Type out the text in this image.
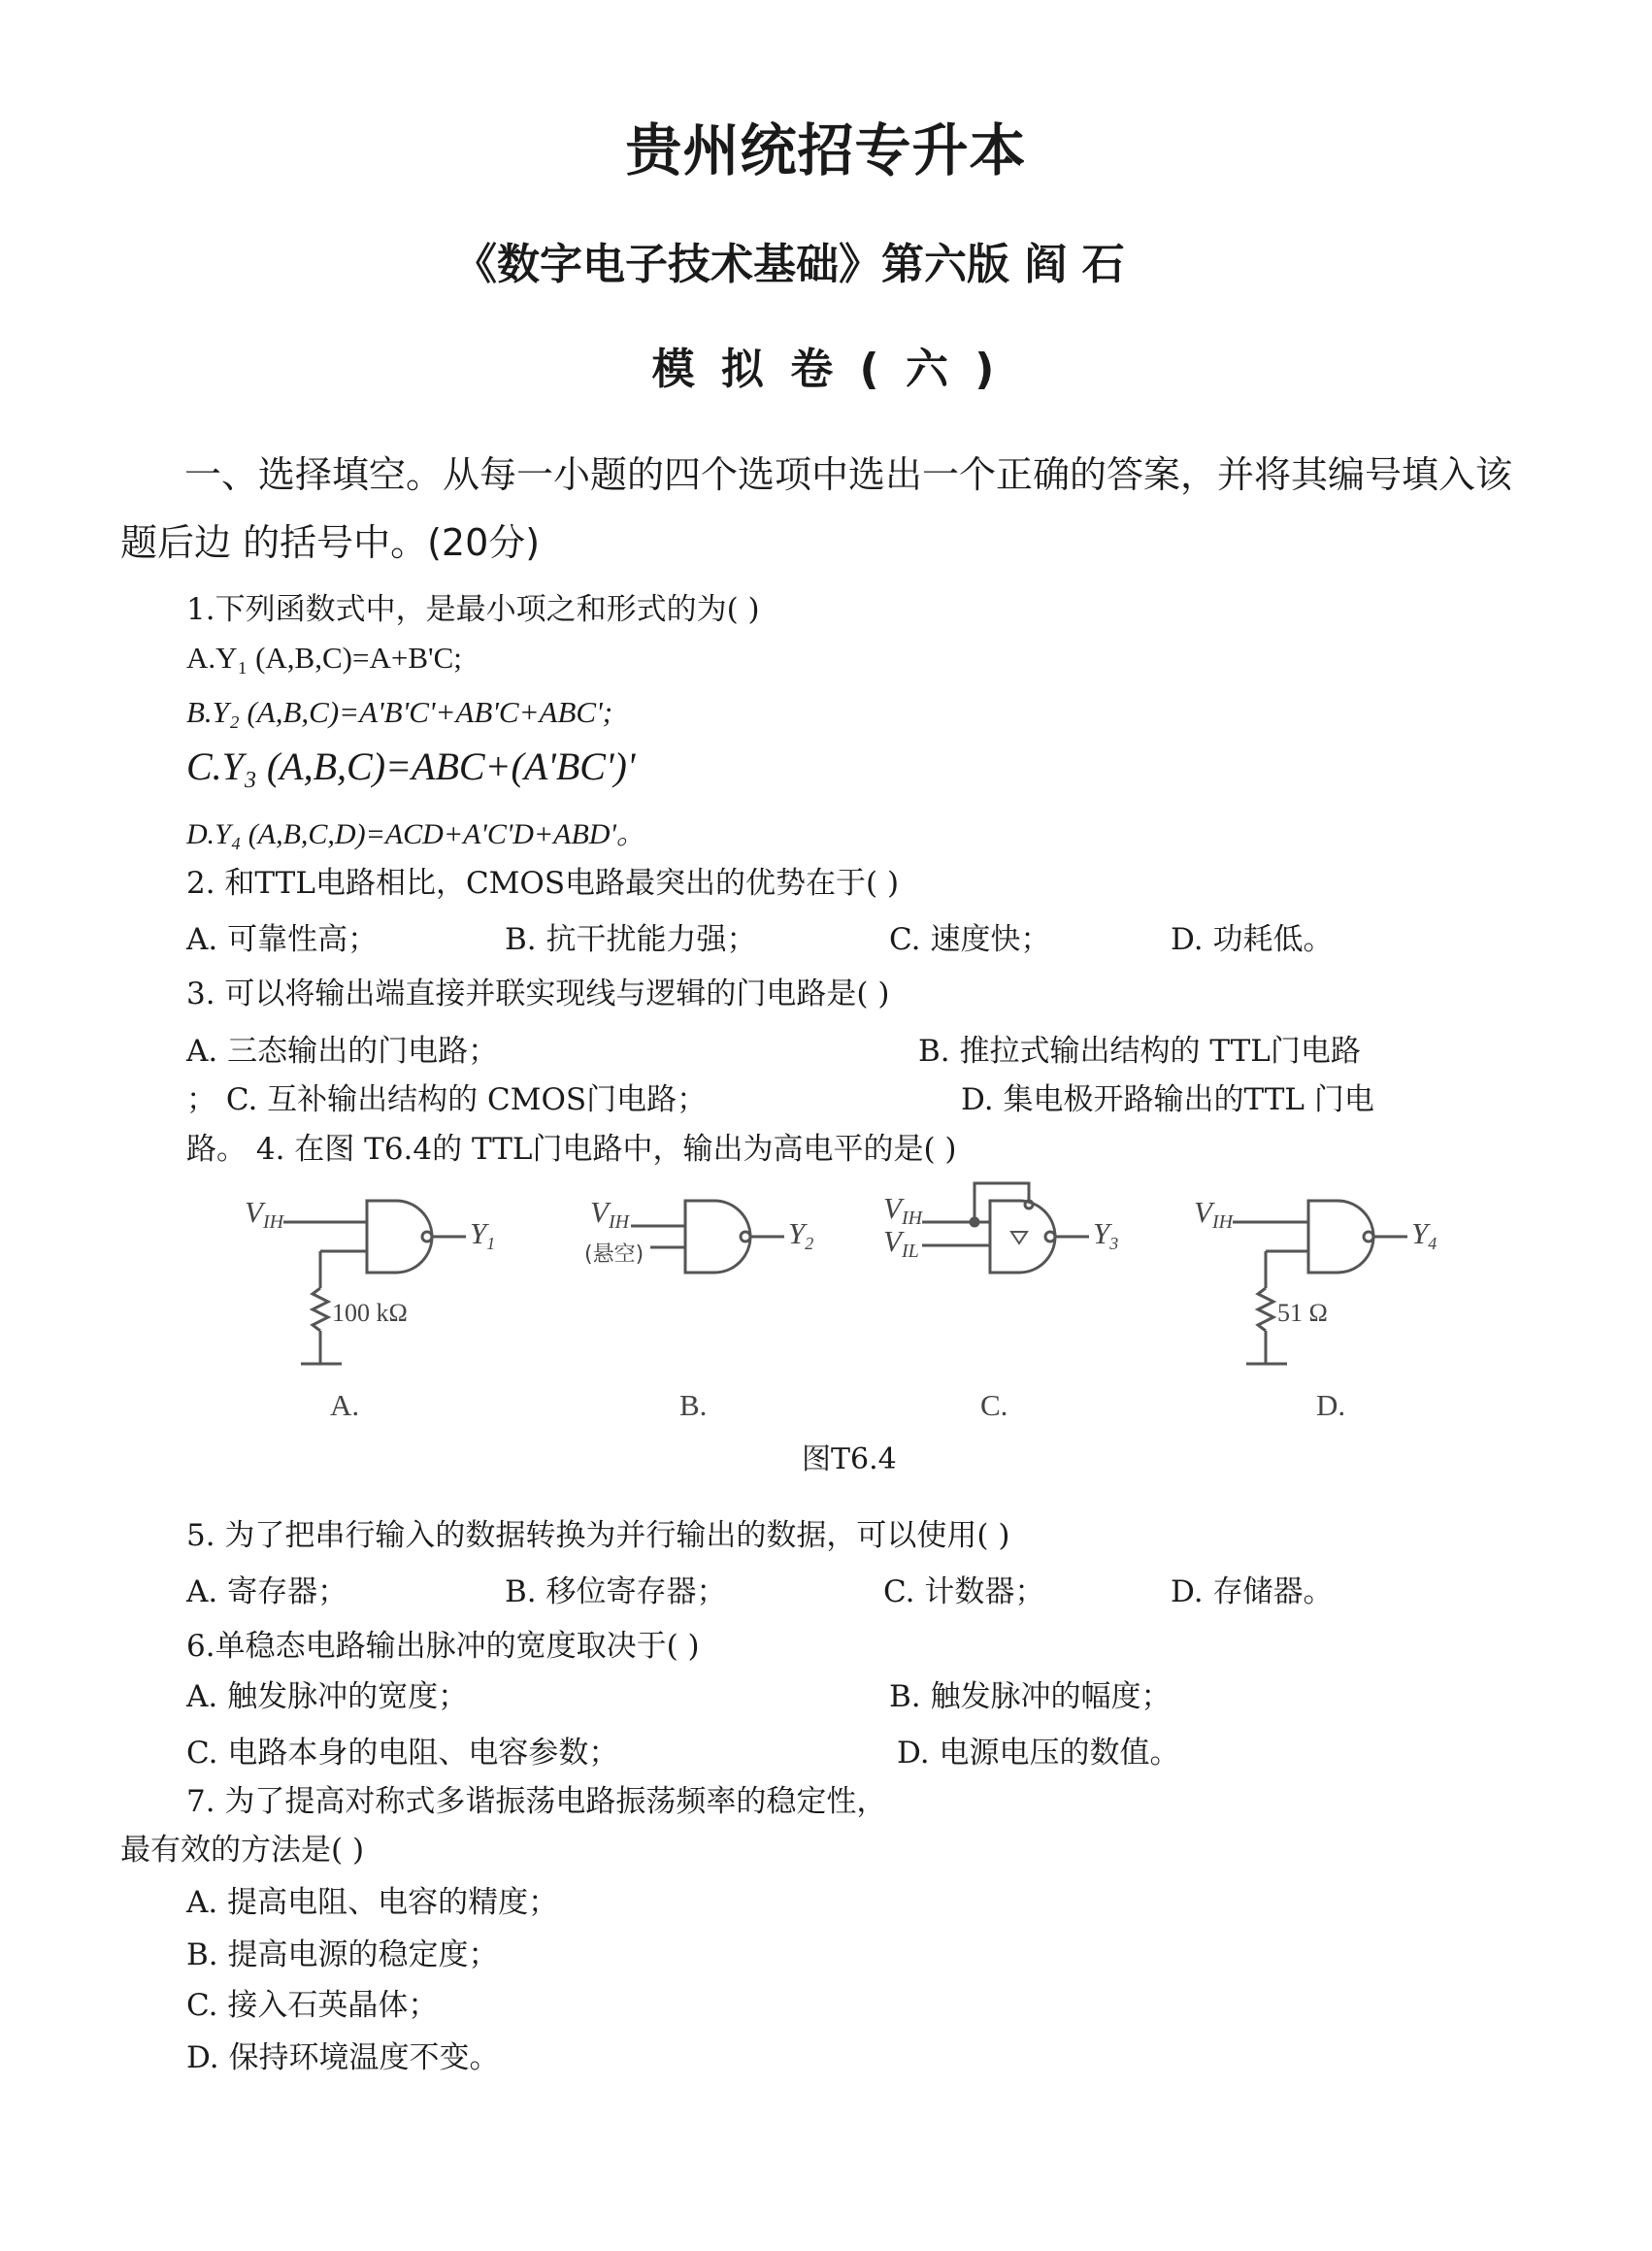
贵州统招专升本
《数字电子技术基础》第六版 阎 石
模 拟 卷 ( 六 )
一、选择填空。从每一小题的四个选项中选出一个正确的答案，并将其编号填入该
题后边 的括号中。(20分)
1.下列函数式中，是最小项之和形式的为( )
A.Y₁ (A,B,C)=A+B'C;
B.Y₂ (A,B,C)=A'B'C'+AB'C+ABC';
C.Y₃ (A,B,C)=ABC+(A'BC')'
D.Y₄ (A,B,C,D)=ACD+A'C'D+ABD'。
2. 和TTL电路相比，CMOS电路最突出的优势在于( )
A. 可靠性高；	B. 抗干扰能力强；	C. 速度快；	D. 功耗低。
3. 可以将输出端直接并联实现线与逻辑的门电路是( )
A. 三态输出的门电路；	B. 推拉式输出结构的 TTL门电路
； C. 互补输出结构的 CMOS门电路；	D. 集电极开路输出的TTL 门电
路。 4. 在图 T6.4的 TTL门电路中，输出为高电平的是( )
VIH	Y1
100 kΩ
A.
VIH
(悬空)
Y2
B.
VIH
VIL
Y3
C.
VIH	Y4
51 Ω
D.
图T6.4
5. 为了把串行输入的数据转换为并行输出的数据，可以使用( )
A. 寄存器；	B. 移位寄存器；	C. 计数器；	D. 存储器。
6.单稳态电路输出脉冲的宽度取决于( )
A. 触发脉冲的宽度；	B. 触发脉冲的幅度；
C. 电路本身的电阻、电容参数；	D. 电源电压的数值。
7. 为了提高对称式多谐振荡电路振荡频率的稳定性，
最有效的方法是( )
A. 提高电阻、电容的精度；
B. 提高电源的稳定度；
C. 接入石英晶体；
D. 保持环境温度不变。
